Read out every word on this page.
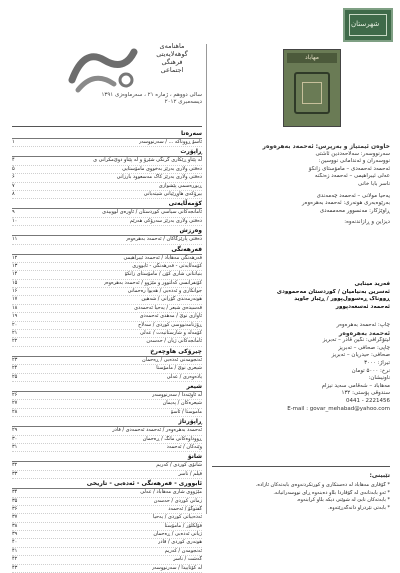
شهرستان
مهاباد
ماهنامه‌ی
گوهه‌لایه‌یتی
فرهنگی
اجتماعی
سالی دووهم ، ژماره ۲۱ ، سەرماوەزی ۱۳۹۱
دیسه‌مبری ۲۰۱۲
سەرەتا
ئاسۆ ڕووناکە ... / سەرنووسەر
۱
ڕاپۆرت
له پێناو ڕێکاری گرنگی شێرۆ و له پێناو دوێ‌مکرانی ی
۴
دەفتی ولاری بەرێز بەخووی مامۆستایی
۵
دەفتی ولاری بەرێز کاک مەسعوود بارزانی
۶
ڕیوڕەسمی پێشوازی
۷
بیرۆکەی هاوڕێیانی شیتەبانی
۸
کۆمەڵایەتی
ئامانجەکانی سیاسی کوردستان / ئاورەی لووییدی
۹
دەفتی ولاری بەرێز سەرۆکی هەرێم
۱۰
وەرزش
دەفتی پارێزگاکان / ئەحمەد بەهرەوەر
۱۱
فەرهەنگی
فەرهەنگی مەهاباد / ئەحمەد ئیبراهیمی
۱۲
کۆمەڵایەتی - فەرهەنگی - ئابووری
۱۳
بنیاتنانی شاری کۆن / مامۆستای زانکۆ
۱۴
کۆنفرانسی کەلتوور و مێژوو / ئەحمەد بەهرەوەر
۱۵
جوانکاری و ئەدەبی / هەیوا رەحمانی
۱۶
هونەرمەندی گۆرانی / شەهین
۱۷
قەسیدەی شیعر / یەحیا ئەحمەدی
۱۸
ئاوازی نوێ / مەهدی ئەحمەدی
۱۹
ڕۆژنامەنووسی کوردی / سەلاح
۲۰
کۆمەڵە و شارستانیەت / عەلی
۲۱
ئامانجەکانی ژیان / حەسەن
۲۲
چیرۆکی هاوچەرخ
ئەنجومەنی ئەدەبی / ڕەحمان
۲۳
شیعری نوێ / مامۆستا
۲۴
یادەوەری / عەلی
۲۵
شیعر
له ئاوێنەدا / سەرنووسەر
۲۶
شیعرەکان / پەیمان
۲۷
ماموستا / ئاسۆ
۲۸
ڕاپۆرتاژ
ئەحمەد بەهرەوەر / ئەحمەد ئەحمەدی / قادر
۲۹
ڕووداوەکانی مانگ / ڕەحمان
۳۰
وێنەکان / ئەحمەد
۳۱
شانۆ
شانۆی کوردی / کەریم
۳۲
فیلم / ناسر
۳۳
ئابووری - فەرهەنگی - ئەدەبی - تاریخی
مێژووی شاری مەهاباد / عەلی
۳۴
زمانی کوردی / حەسەن
۳۵
گفتوگۆ / ئەحمەد
۳۶
ئەدەبیاتی کوردی / یەحیا
۳۷
فۆلکلۆر / مامۆستا
۳۸
ژیانی ئەدەبی / ڕەحمان
۳۹
هونەری کوردی / قادر
۴۰
ئەنجومەن / کەریم
۴۱
گەشت / ناسر
۴۲
له کۆتاییدا / سەرنووسەر
۴۳
خاوەن ئیمتیاز و بەرپرس: ئەحمەد بەهرەوەر
سەرنووسەر: سەلاحەددین ئاشتی
نووسەران و ئەندامانی نووسین:
ئەحمەد ئەحمەدی – مامۆستای زانکۆ
عەلی ئیبراهیمی – ئەحمەد زەنگنە
ناسر بابا خانی
یەحیا مولانی – ئەحمەد چەمەندی
بەرێوەبەری هونەری: ئەحمەد بەهرەوەر
ڕاوێژکار: مەنسوور محەممەدی
دیزاین و ڕازاندنەوە:
فەرید مینایی
ئەسرین بەنیامیان / کوردستان مەحموودی
ڕووناک ڕەسوول‌پوور / ڕێباز جاوید
ئەحمەد ئەسعەد‌پوور
چاپ: ئەحمەد بەهرەوەر
ئەحمەد بەهرەوەر
لیتۆگرافی: نگین قادر – تەبریز
چاپی: صحافی – تەبریز
صحافی: حیدریان – تەبریز
تیراژ: ۳۰۰۰
نرخ: ۵۰۰۰ تومان
ناونیشان:
مەهاباد – شەقامی سەید نیزام
سندوقی پۆستی: ۱۳۲
0441 - 2221456
E-mail : govar_mehabad@yahoo.com
تێبینی:
* گۆڤاری مەهاباد لە دەستکاری و کورتکردنەوەی بابەتەکان ئازادە.
* ئەو بابەتانەی لە گۆڤاردا بڵاو دەبنەوە ڕای نووسەرانیانە.
* بابەتەکان نابێ لە شوێنی دیکە بڵاو کرابنەوە.
* بابەتی نێردراو دانەگەڕێتەوە.
